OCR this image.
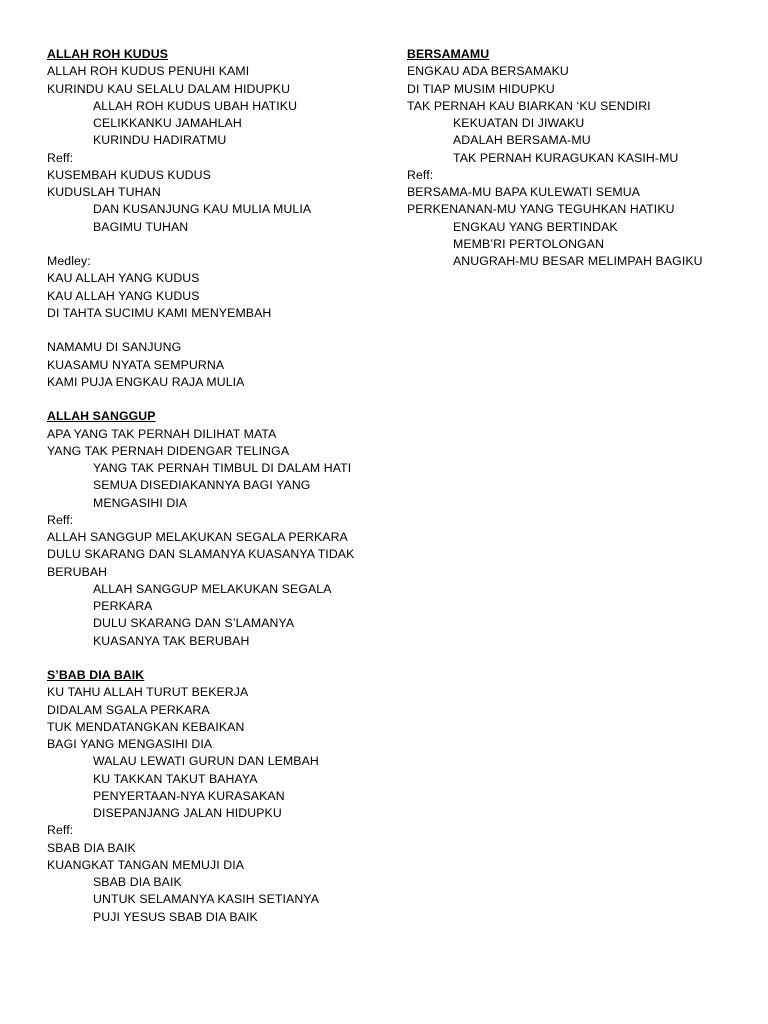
ALLAH ROH KUDUS
ALLAH ROH KUDUS PENUHI KAMI
KURINDU KAU SELALU DALAM HIDUPKU
ALLAH ROH KUDUS UBAH HATIKU
CELIKKANKU JAMAHLAH
KURINDU HADIRATMU
Reff:
KUSEMBAH KUDUS KUDUS
KUDUSLAH TUHAN
DAN KUSANJUNG KAU MULIA MULIA
BAGIMU TUHAN
Medley:
KAU ALLAH YANG KUDUS
KAU ALLAH YANG KUDUS
DI TAHTA SUCIMU KAMI MENYEMBAH
NAMAMU DI SANJUNG
KUASAMU NYATA SEMPURNA
KAMI PUJA ENGKAU RAJA MULIA
ALLAH SANGGUP
APA YANG TAK PERNAH DILIHAT MATA
YANG TAK PERNAH DIDENGAR TELINGA
YANG TAK PERNAH TIMBUL DI DALAM HATI
SEMUA DISEDIAKANNYA BAGI YANG
MENGASIHI DIA
Reff:
ALLAH SANGGUP MELAKUKAN SEGALA PERKARA
DULU SKARANG DAN SLAMANYA KUASANYA TIDAK
BERUBAH
ALLAH SANGGUP MELAKUKAN SEGALA
PERKARA
DULU SKARANG DAN S’LAMANYA
KUASANYA TAK BERUBAH
S’BAB DIA BAIK
KU TAHU ALLAH TURUT BEKERJA
DIDALAM SGALA PERKARA
TUK MENDATANGKAN KEBAIKAN
BAGI YANG MENGASIHI DIA
WALAU LEWATI GURUN DAN LEMBAH
KU TAKKAN TAKUT BAHAYA
PENYERTAAN-NYA KURASAKAN
DISEPANJANG JALAN HIDUPKU
Reff:
SBAB DIA BAIK
KUANGKAT TANGAN MEMUJI DIA
SBAB DIA BAIK
UNTUK SELAMANYA KASIH SETIANYA
PUJI YESUS SBAB DIA BAIK
BERSAMAMU
ENGKAU ADA BERSAMAKU
DI TIAP MUSIM HIDUPKU
TAK PERNAH KAU BIARKAN ‘KU SENDIRI
KEKUATAN DI JIWAKU
ADALAH BERSAMA-MU
TAK PERNAH KURAGUKAN KASIH-MU
Reff:
BERSAMA-MU BAPA KULEWATI SEMUA
PERKENANAN-MU YANG TEGUHKAN HATIKU
ENGKAU YANG BERTINDAK
MEMB’RI PERTOLONGAN
ANUGRAH-MU BESAR MELIMPAH BAGIKU
